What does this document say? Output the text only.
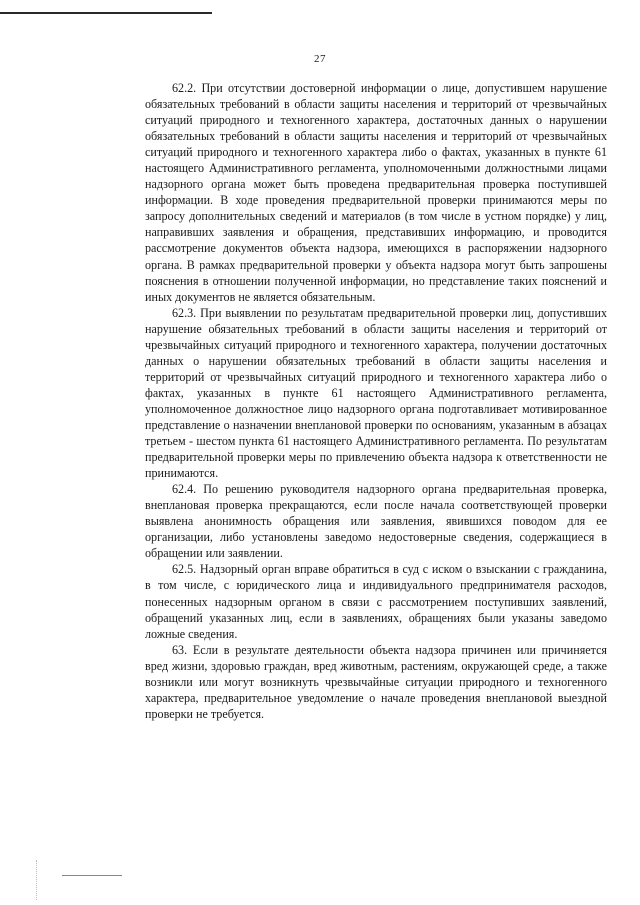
27

62.2. При отсутствии достоверной информации о лице, допустившем нарушение обязательных требований в области защиты населения и территорий от чрезвычайных ситуаций природного и техногенного характера, достаточных данных о нарушении обязательных требований в области защиты населения и территорий от чрезвычайных ситуаций природного и техногенного характера либо о фактах, указанных в пункте 61 настоящего Административного регламента, уполномоченными должностными лицами надзорного органа может быть проведена предварительная проверка поступившей информации. В ходе проведения предварительной проверки принимаются меры по запросу дополнительных сведений и материалов (в том числе в устном порядке) у лиц, направивших заявления и обращения, представивших информацию, и проводится рассмотрение документов объекта надзора, имеющихся в распоряжении надзорного органа. В рамках предварительной проверки у объекта надзора могут быть запрошены пояснения в отношении полученной информации, но представление таких пояснений и иных документов не является обязательным.

62.3. При выявлении по результатам предварительной проверки лиц, допустивших нарушение обязательных требований в области защиты населения и территорий от чрезвычайных ситуаций природного и техногенного характера, получении достаточных данных о нарушении обязательных требований в области защиты населения и территорий от чрезвычайных ситуаций природного и техногенного характера либо о фактах, указанных в пункте 61 настоящего Административного регламента, уполномоченное должностное лицо надзорного органа подготавливает мотивированное представление о назначении внеплановой проверки по основаниям, указанным в абзацах третьем - шестом пункта 61 настоящего Административного регламента. По результатам предварительной проверки меры по привлечению объекта надзора к ответственности не принимаются.

62.4. По решению руководителя надзорного органа предварительная проверка, внеплановая проверка прекращаются, если после начала соответствующей проверки выявлена анонимность обращения или заявления, явившихся поводом для ее организации, либо установлены заведомо недостоверные сведения, содержащиеся в обращении или заявлении.

62.5. Надзорный орган вправе обратиться в суд с иском о взыскании с гражданина, в том числе, с юридического лица и индивидуального предпринимателя расходов, понесенных надзорным органом в связи с рассмотрением поступивших заявлений, обращений указанных лиц, если в заявлениях, обращениях были указаны заведомо ложные сведения.

63. Если в результате деятельности объекта надзора причинен или причиняется вред жизни, здоровью граждан, вред животным, растениям, окружающей среде, а также возникли или могут возникнуть чрезвычайные ситуации природного и техногенного характера, предварительное уведомление о начале проведения внеплановой выездной проверки не требуется.
